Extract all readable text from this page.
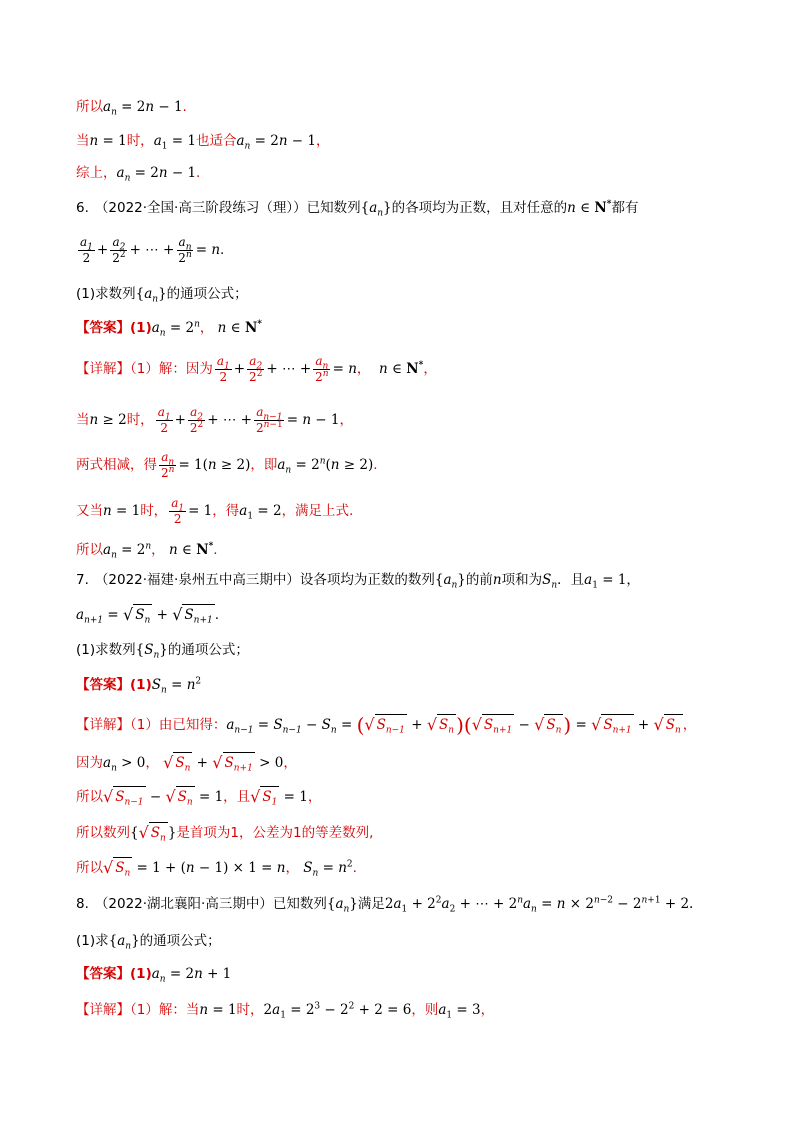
所以 $a_n = 2$ n − 1 .
当 n = 1 时， a $_1$ = 1 也适合 $a_n = 2$ n − 1 ，
综上， $a_n = 2$ n − 1 .
6. （2022·全国·高三阶段练习（理））已知数列 { $a_n$ } 的各项均为正数，且对任意的 n ∈ N* 都有
$a_1$
$2 + \frac{a_2}{2^2}$ + ⋯ + $\frac{a_n}{2^n} = n$ .
(1)求数列 { $a_n$ } 的通项公式；
【答案】(1) $a_n = 2^n$ ， n ∈ N*
【详解】（1）解：因为
$a_1$
$2 + \frac{a_2}{2^2}$ + ⋯ + $\frac{a_n}{2^n} = n$ ， n ∈ N* ，
当 n ≥ 2 时，
$a_1$
$2 + \frac{a_2}{2^2}$ + ⋯ + $\frac{a_{n-1}}{2^{n-1}} = n - 1$ ，
两式相减，得 $\frac{a_n}{2^n} = 1$( n ≥ 2) ，即 $a_n = 2^n$( n ≥ 2) .
又当 n = 1 时， $\frac{a_1}{2} = 1$ ，得 a $_1$ = 2 ，满足上式.
所以 $a_n = 2^n$ ， n ∈ N* .
7. （2022·福建·泉州五中高三期中）设各项均为正数的数列 { $a_n$ } 的前 n 项和为 $S_n$ ．且 a $_1$ = 1 ，
$a_{n+1}$ = √ $S_n$ + √ $S_{n+1}$ .
(1)求数列 { $S_n$ } 的通项公式；
【答案】(1) $S_n = n$ $^2$
【详解】（1）由已知得： $a_{n-1} = S_{n-1} - S_n$ = ( √ $S_{n-1}$ + √ $S_n$ ) ( √ $S_{n+1}$ − √ $S_n$ ) = √ $S_{n+1}$ + √ $S_n$ ，
因为 $a_n > 0$ ， √ $S_n$ + √ $S_{n+1} > 0$ ，
所以 √ $S_{n-1}$ − √ $S_n = 1$ ，且 √ $S_1 = 1$ ，
所以数列 { √ $S_n$ } 是首项为1，公差为1的等差数列,
所以 √ $S_n = 1$ + ( n − 1) × 1 = n ， $S_n = n$ $^2$ .
8. （2022·湖北襄阳·高三期中）已知数列 { $a_n$ } 满足 2 a $_1 + 2^2$ a $_2$ + ⋯ + $2^n$ $a_n = n \times 2^{n-2} - 2^{n+1} + 2$.
(1)求 { $a_n$ } 的通项公式；
【答案】(1) $a_n = 2$ n + 1
【详解】（1）解：当 n = 1 时， 2 a $_1 = 2^3 - 2^2 + 2 = 6$ ，则 a $_1$ = 3 ，
